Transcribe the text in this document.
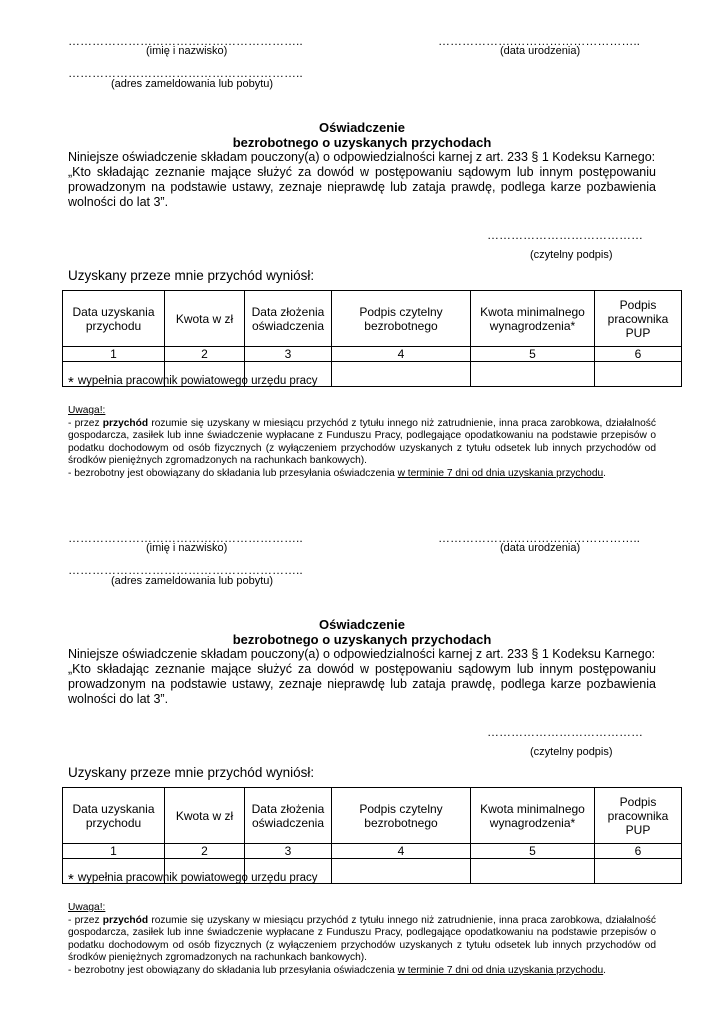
…………………………………………………..
(imię i nazwisko)
……………….…………………………..
(data urodzenia)
…………………………………………………..
(adres zameldowania lub pobytu)
Oświadczenie
bezrobotnego o uzyskanych przychodach

Niniejsze oświadczenie składam pouczony(a) o odpowiedzialności karnej z art. 233 § 1 Kodeksu Karnego:

„Kto składając zeznanie mające służyć za dowód w postępowaniu sądowym lub innym postępowaniu prowadzonym na podstawie ustawy, zeznaje nieprawdę lub zataja prawdę, podlega karze pozbawienia wolności do lat 3”.

…………………………………
(czytelny podpis)
Uzyskany przeze mnie przychód wyniósł:
Data uzyskania przychodu	Kwota w zł	Data złożenia oświadczenia	Podpis czytelny bezrobotnego	Kwota minimalnego wynagrodzenia*	Podpis pracownika PUP
1	2	3	4	5	6

* wypełnia pracownik powiatowego urzędu pracy

Uwaga!:

- przez przychód rozumie się uzyskany w miesiącu przychód z tytułu innego niż zatrudnienie, inna praca zarobkowa, działalność gospodarcza, zasiłek lub inne świadczenie wypłacane z Funduszu Pracy, podlegające opodatkowaniu na podstawie przepisów o podatku dochodowym od osób fizycznych (z wyłączeniem przychodów uzyskanych z tytułu odsetek lub innych przychodów od środków pieniężnych zgromadzonych na rachunkach bankowych).

- bezrobotny jest obowiązany do składania lub przesyłania oświadczenia w terminie 7 dni od dnia uzyskania przychodu.

…………………………………………………..
(imię i nazwisko)
……………….…………………………..
(data urodzenia)
…………………………………………………..
(adres zameldowania lub pobytu)
Oświadczenie
bezrobotnego o uzyskanych przychodach

Niniejsze oświadczenie składam pouczony(a) o odpowiedzialności karnej z art. 233 § 1 Kodeksu Karnego:

„Kto składając zeznanie mające służyć za dowód w postępowaniu sądowym lub innym postępowaniu prowadzonym na podstawie ustawy, zeznaje nieprawdę lub zataja prawdę, podlega karze pozbawienia wolności do lat 3”.

…………………………………
(czytelny podpis)
Uzyskany przeze mnie przychód wyniósł:
Data uzyskania przychodu	Kwota w zł	Data złożenia oświadczenia	Podpis czytelny bezrobotnego	Kwota minimalnego wynagrodzenia*	Podpis pracownika PUP
1	2	3	4	5	6

* wypełnia pracownik powiatowego urzędu pracy

Uwaga!:

- przez przychód rozumie się uzyskany w miesiącu przychód z tytułu innego niż zatrudnienie, inna praca zarobkowa, działalność gospodarcza, zasiłek lub inne świadczenie wypłacane z Funduszu Pracy, podlegające opodatkowaniu na podstawie przepisów o podatku dochodowym od osób fizycznych (z wyłączeniem przychodów uzyskanych z tytułu odsetek lub innych przychodów od środków pieniężnych zgromadzonych na rachunkach bankowych).

- bezrobotny jest obowiązany do składania lub przesyłania oświadczenia w terminie 7 dni od dnia uzyskania przychodu.
